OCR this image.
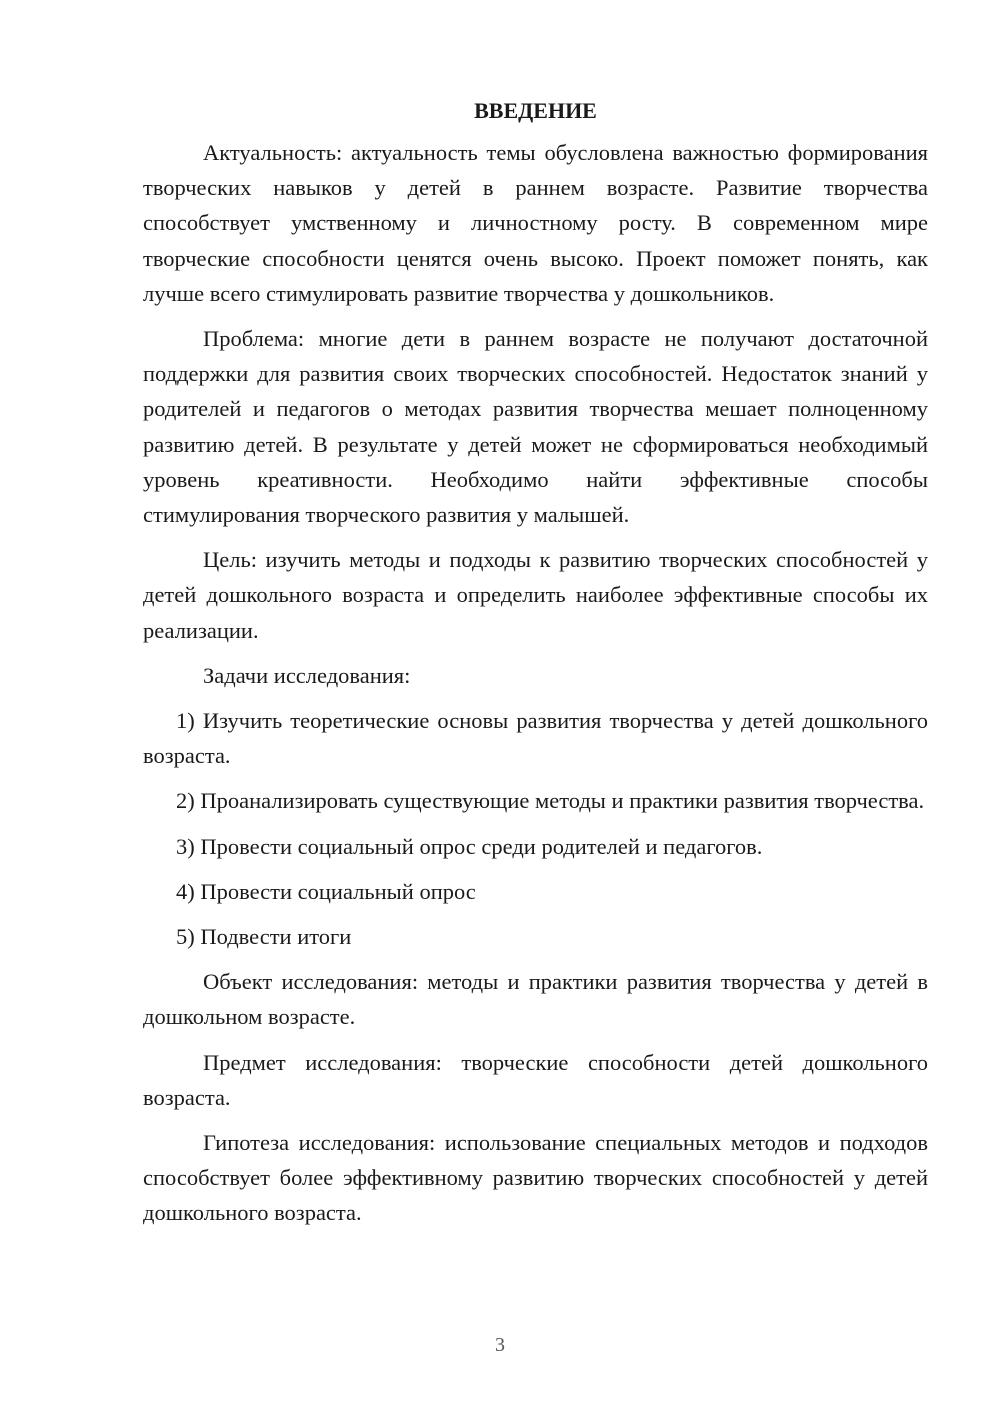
ВВЕДЕНИЕ

Актуальность: актуальность темы обусловлена важностью формирования творческих навыков у детей в раннем возрасте. Развитие творчества способствует умственному и личностному росту. В современном мире творческие способности ценятся очень высоко. Проект поможет понять, как лучше всего стимулировать развитие творчества у дошкольников.

Проблема: многие дети в раннем возрасте не получают достаточной поддержки для развития своих творческих способностей. Недостаток знаний у родителей и педагогов о методах развития творчества мешает полноценному развитию детей. В результате у детей может не сформироваться необходимый уровень креативности. Необходимо найти эффективные способы стимулирования творческого развития у малышей.

Цель: изучить методы и подходы к развитию творческих способностей у детей дошкольного возраста и определить наиболее эффективные способы их реализации.

Задачи исследования:

1) Изучить теоретические основы развития творчества у детей дошкольного возраста.

2) Проанализировать существующие методы и практики развития творчества.

3) Провести социальный опрос среди родителей и педагогов.

4) Провести социальный опрос

5) Подвести итоги

Объект исследования: методы и практики развития творчества у детей в дошкольном возрасте.

Предмет исследования: творческие способности детей дошкольного возраста.

Гипотеза исследования: использование специальных методов и подходов способствует более эффективному развитию творческих способностей у детей дошкольного возраста.

3
